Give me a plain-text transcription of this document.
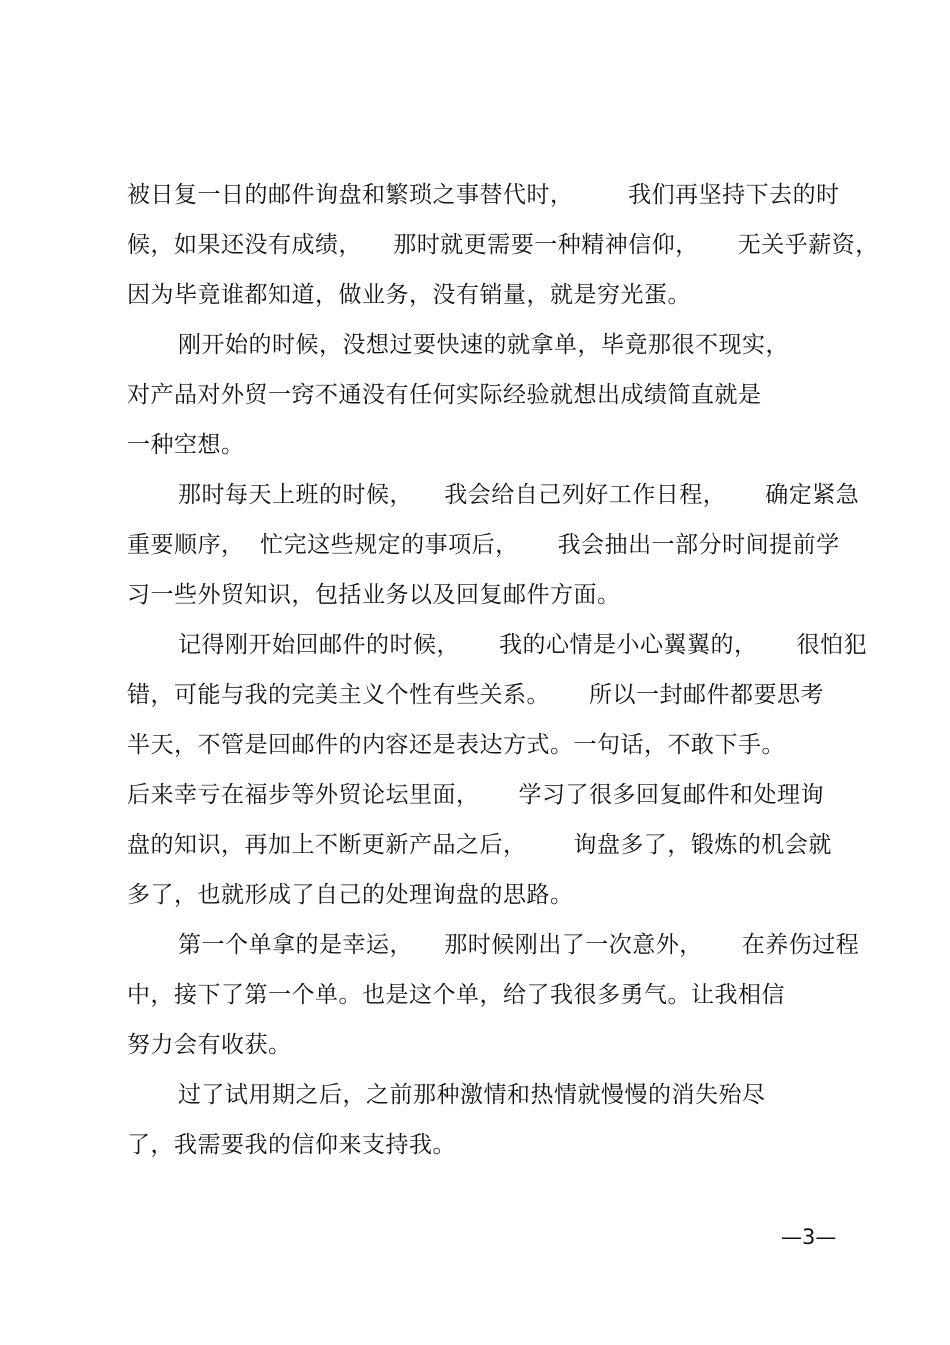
被日复一日的邮件询盘和繁琐之事替代时，       我们再坚持下去的时
候，如果还没有成绩，    那时就更需要一种精神信仰，     无关乎薪资，
因为毕竟谁都知道，做业务，没有销量，就是穷光蛋。
刚开始的时候，没想过要快速的就拿单，毕竟那很不现实，
对产品对外贸一窍不通没有任何实际经验就想出成绩简直就是
一种空想。
那时每天上班的时候，    我会给自己列好工作日程，     确定紧急
重要顺序，  忙完这些规定的事项后，     我会抽出一部分时间提前学
习一些外贸知识，包括业务以及回复邮件方面。
记得刚开始回邮件的时候，     我的心情是小心翼翼的，     很怕犯
错，可能与我的完美主义个性有些关系。     所以一封邮件都要思考
半天，不管是回邮件的内容还是表达方式。一句话，不敢下手。
后来幸亏在福步等外贸论坛里面，     学习了很多回复邮件和处理询
盘的知识，再加上不断更新产品之后，      询盘多了，锻炼的机会就
多了，也就形成了自己的处理询盘的思路。
第一个单拿的是幸运，    那时候刚出了一次意外，     在养伤过程
中，接下了第一个单。也是这个单，给了我很多勇气。让我相信
努力会有收获。
过了试用期之后，之前那种激情和热情就慢慢的消失殆尽
了，我需要我的信仰来支持我。
—3—
